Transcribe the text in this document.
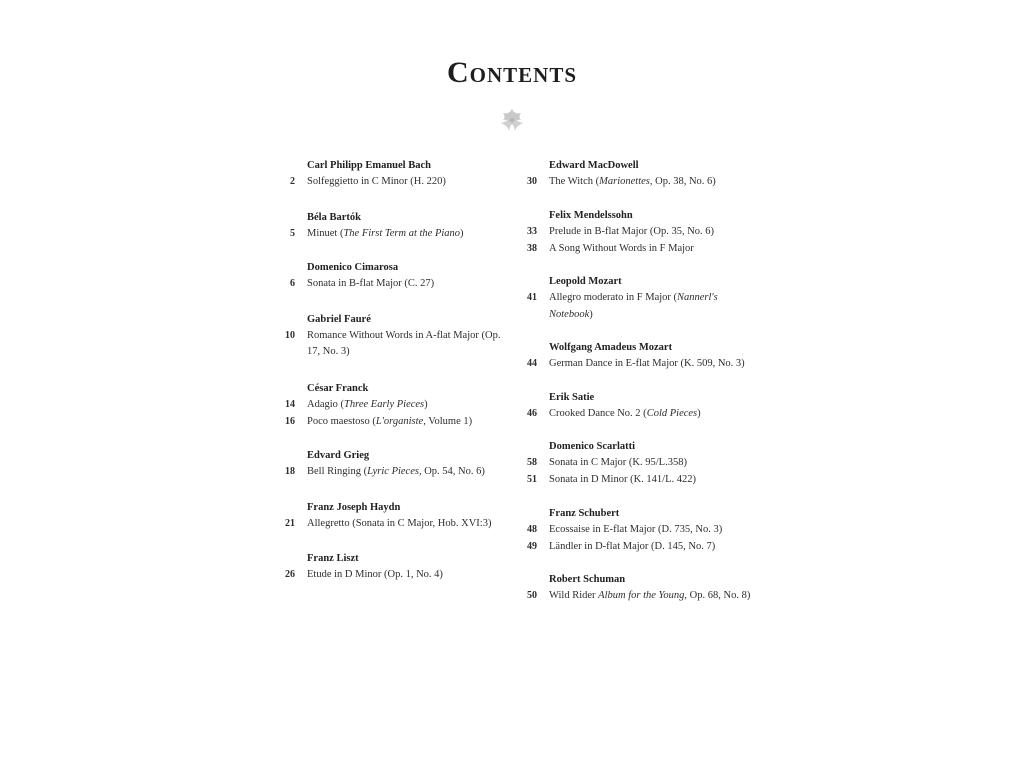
Contents
Carl Philipp Emanuel Bach
2 Solfeggietto in C Minor (H. 220)
Béla Bartók
5 Minuet (The First Term at the Piano)
Domenico Cimarosa
6 Sonata in B-flat Major (C. 27)
Gabriel Fauré
10 Romance Without Words in A-flat Major (Op. 17, No. 3)
César Franck
14 Adagio (Three Early Pieces)
16 Poco maestoso (L'organiste, Volume 1)
Edvard Grieg
18 Bell Ringing (Lyric Pieces, Op. 54, No. 6)
Franz Joseph Haydn
21 Allegretto (Sonata in C Major, Hob. XVI:3)
Franz Liszt
26 Etude in D Minor (Op. 1, No. 4)
Edward MacDowell
30 The Witch (Marionettes, Op. 38, No. 6)
Felix Mendelssohn
33 Prelude in B-flat Major (Op. 35, No. 6)
38 A Song Without Words in F Major
Leopold Mozart
41 Allegro moderato in F Major (Nannerl's Notebook)
Wolfgang Amadeus Mozart
44 German Dance in E-flat Major (K. 509, No. 3)
Erik Satie
46 Crooked Dance No. 2 (Cold Pieces)
Domenico Scarlatti
58 Sonata in C Major (K. 95/L.358)
51 Sonata in D Minor (K. 141/L. 422)
Franz Schubert
48 Ecossaise in E-flat Major (D. 735, No. 3)
49 Ländler in D-flat Major (D. 145, No. 7)
Robert Schuman
50 Wild Rider Album for the Young, Op. 68, No. 8)
